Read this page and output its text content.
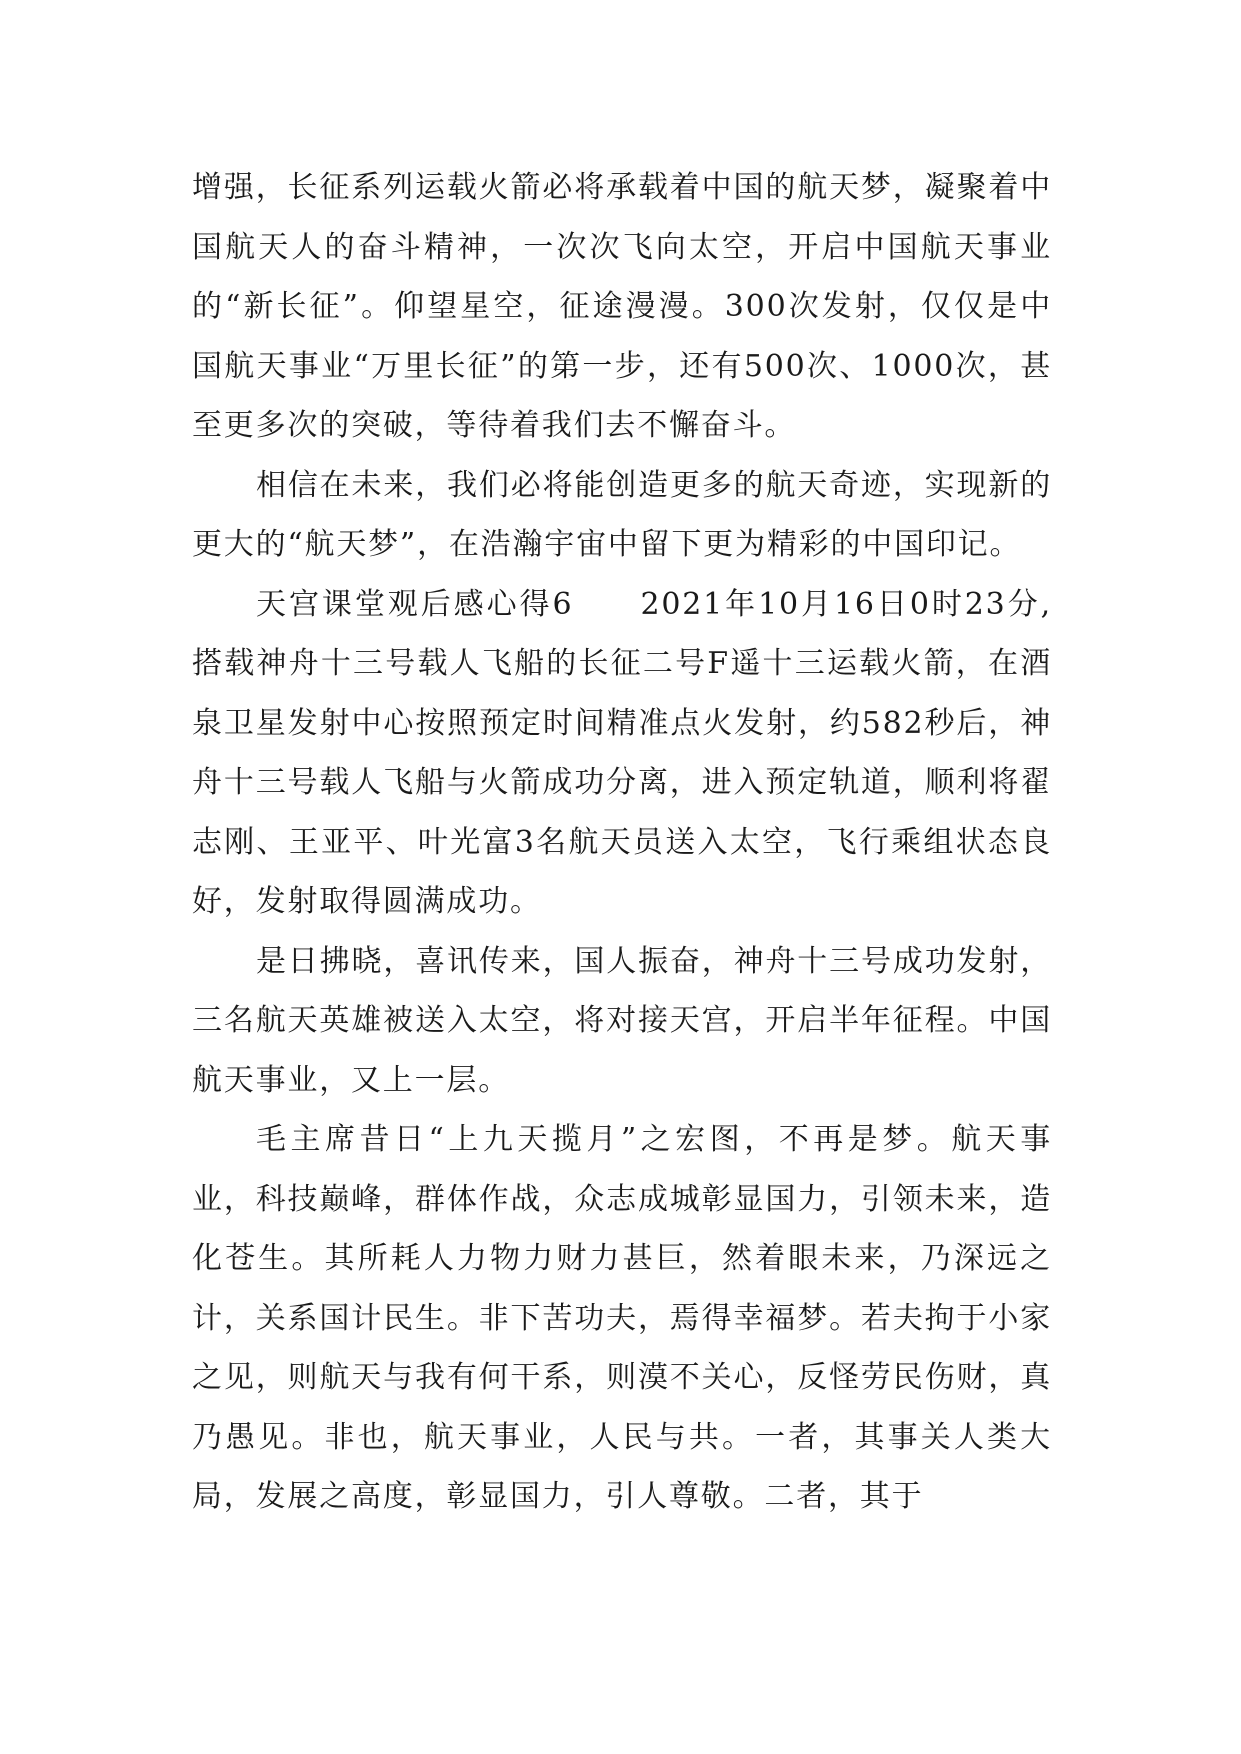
增强，长征系列运载火箭必将承载着中国的航天梦，凝聚着中国航天人的奋斗精神，一次次飞向太空，开启中国航天事业的“新长征”。仰望星空，征途漫漫。300次发射，仅仅是中国航天事业“万里长征”的第一步，还有500次、1000次，甚至更多次的突破，等待着我们去不懈奋斗。

相信在未来，我们必将能创造更多的航天奇迹，实现新的更大的“航天梦”，在浩瀚宇宙中留下更为精彩的中国印记。

天宫课堂观后感心得6　　2021年10月16日0时23分,搭载神舟十三号载人飞船的长征二号F遥十三运载火箭，在酒泉卫星发射中心按照预定时间精准点火发射，约582秒后，神舟十三号载人飞船与火箭成功分离，进入预定轨道，顺利将翟志刚、王亚平、叶光富3名航天员送入太空，飞行乘组状态良好，发射取得圆满成功。

是日拂晓，喜讯传来，国人振奋，神舟十三号成功发射，三名航天英雄被送入太空，将对接天宫，开启半年征程。中国航天事业，又上一层。

毛主席昔日“上九天揽月”之宏图，不再是梦。航天事业，科技巅峰，群体作战，众志成城彰显国力，引领未来，造化苍生。其所耗人力物力财力甚巨，然着眼未来，乃深远之计，关系国计民生。非下苦功夫，焉得幸福梦。若夫拘于小家之见，则航天与我有何干系，则漠不关心，反怪劳民伤财，真乃愚见。非也，航天事业，人民与共。一者，其事关人类大局，发展之高度，彰显国力，引人尊敬。二者，其于
